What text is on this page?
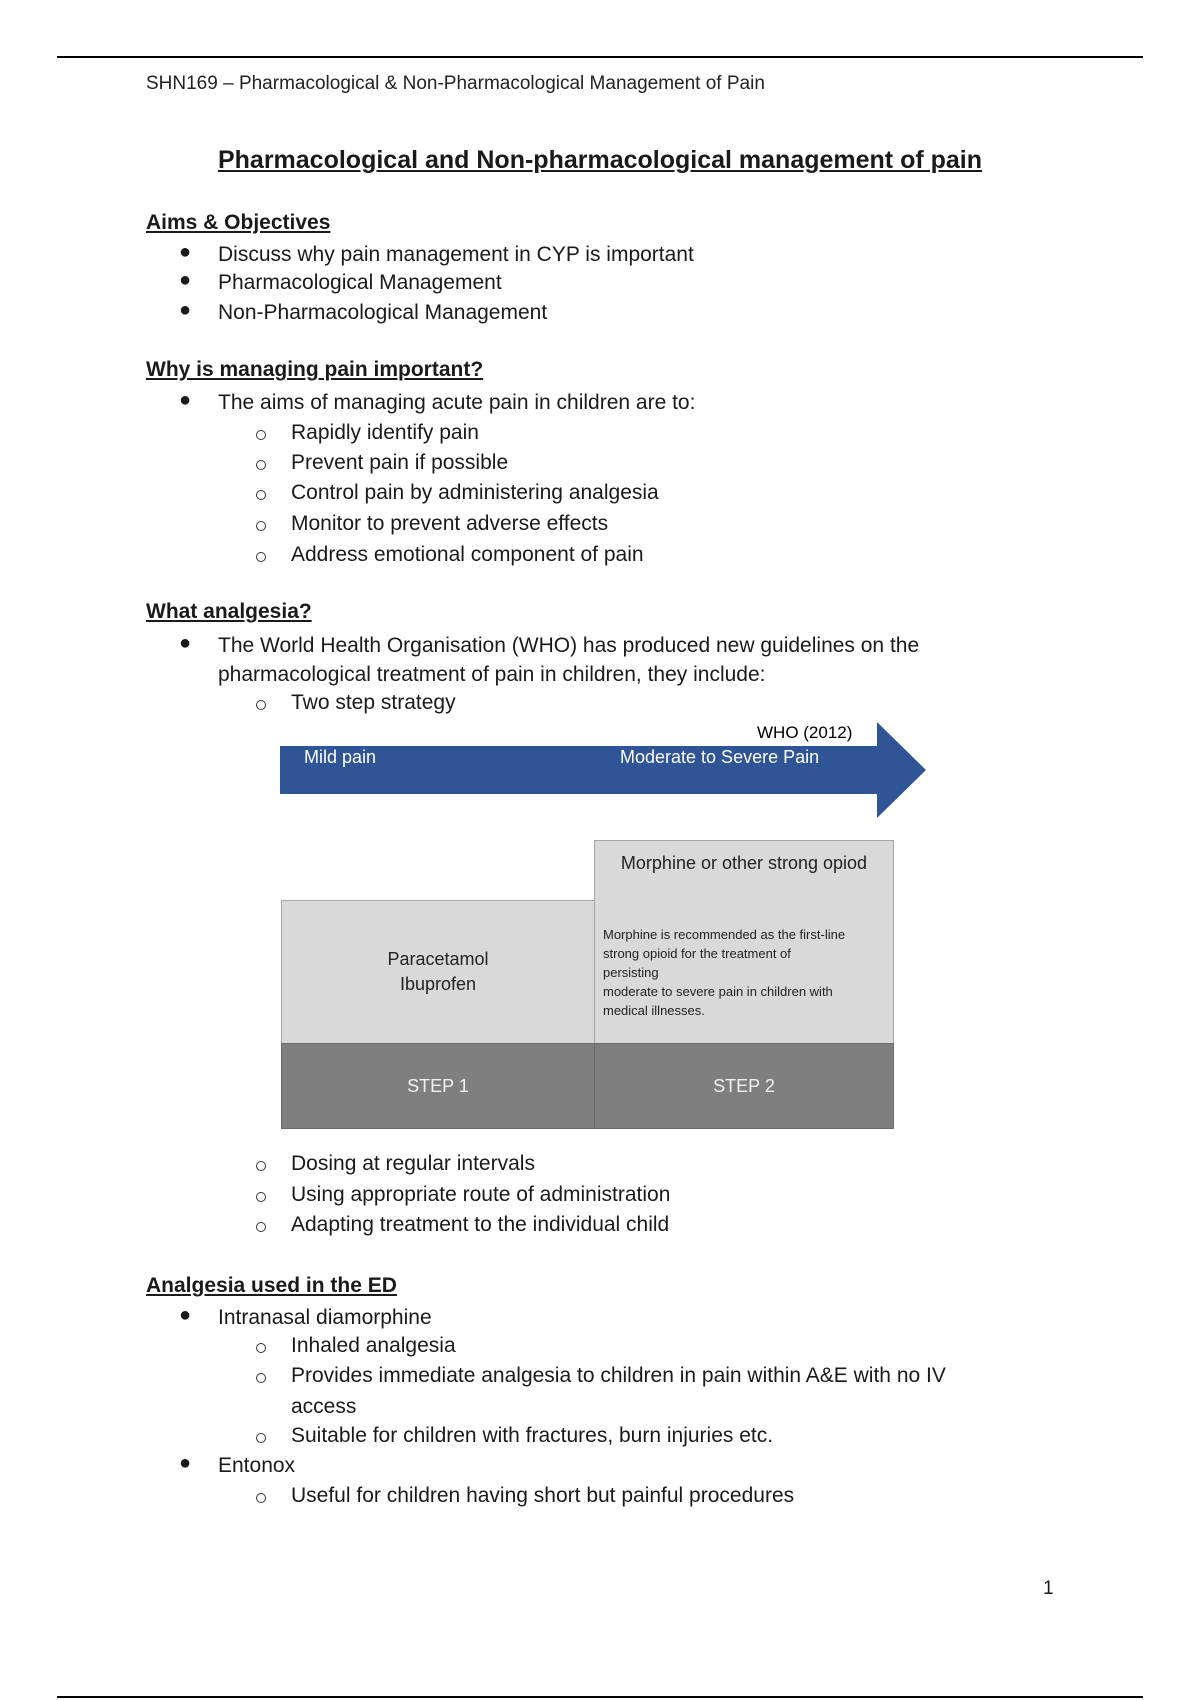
SHN169 – Pharmacological & Non-Pharmacological Management of Pain
Pharmacological and Non-pharmacological management of pain
Aims & Objectives
● Discuss why pain management in CYP is important
● Pharmacological Management
● Non-Pharmacological Management
Why is managing pain important?
● The aims of managing acute pain in children are to:
Rapidly identify pain
Prevent pain if possible
Control pain by administering analgesia
Monitor to prevent adverse effects
Address emotional component of pain
What analgesia?
● The World Health Organisation (WHO) has produced new guidelines on the
pharmacological treatment of pain in children, they include:
Two step strategy
WHO (2012)
Mild pain	Moderate to Severe Pain
Morphine or other strong opiod
Morphine is recommended as the first-line
strong opioid for the treatment of
persisting
moderate to severe pain in children with
medical illnesses.
Paracetamol
Ibuprofen
STEP 1	STEP 2
Dosing at regular intervals
Using appropriate route of administration
Adapting treatment to the individual child
Analgesia used in the ED
● Intranasal diamorphine
Inhaled analgesia
Provides immediate analgesia to children in pain within A&E with no IV
access
Suitable for children with fractures, burn injuries etc.
● Entonox
Useful for children having short but painful procedures
1
